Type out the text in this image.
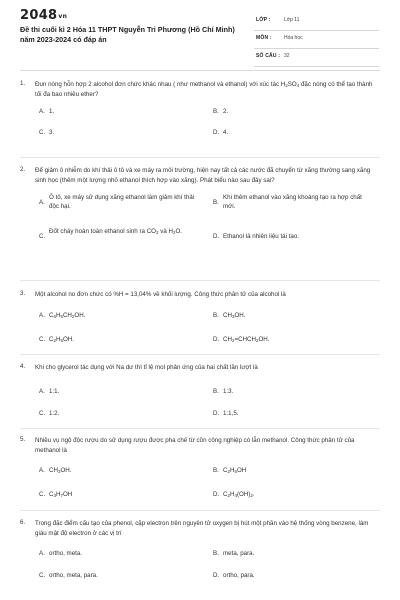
2048vn
Đề thi cuối kì 2 Hóa 11 THPT Nguyễn Tri Phương (Hồ Chí Minh) năm 2023-2024 có đáp án
LỚP :	Lớp 11
MÔN : Hóa học
SỐ CÂU : 32
1.	Đun nóng hỗn hợp 2 alcohol đơn chức khác nhau ( như methanol và ethanol) với xúc tác $H_2SO_4$ đặc nóng có thể tạo thành tối đa bao nhiêu ether?
A. 1.	B. 2.
C. 3.	D. 4.
2.	Để giảm ô nhiễm do khí thải ô tô và xe máy ra môi trường, hiện nay tất cả các nước đã chuyển từ xăng thường sang xăng sinh học (thêm một lượng nhỏ ethanol thích hợp vào xăng). Phát biểu nào sau đây sai?
A.
Ô tô, xe máy sử dụng xăng ethanol làm giảm khí thải độc hại.
B.
Khi thêm ethanol vào xăng khoáng tạo ra hợp chất mới.
C.
Đốt cháy hoàn toàn ethanol sinh ra $CO_2$ và $H_2O$.
D. Ethanol là nhiên liệu tái tạo.
3.	Một alcohol no đơn chức có %H = 13,04% về khối lượng. Công thức phân tử của alcohol là
A. $C_6H_5CH_2OH$.	B. $CH_3OH$.
C. $C_2H_5OH$.	D. $CH_2=CHCH_2OH$.
4.	Khi cho glycerol tác dụng với Na dư thì tỉ lệ mol phản ứng của hai chất lần lượt là
A. 1:1.	B. 1:3.
C. 1:2.	D. 1:1,5.
5.	Nhiều vụ ngộ độc rượu do sử dụng rượu được pha chế từ cồn công nghiệp có lẫn methanol. Công thức phân tử của methanol là
A. $CH_3OH$.	B. $C_2H_5OH$
C. $C_3H_7OH$	D. $C_2H_4(OH)_2$.
6.	Trong đặc điểm cấu tạo của phenol, cặp electron trên nguyên tử oxygen bị hút một phần vào hệ thống vòng benzene, làm giàu mật độ electron ở các vị trí
A. ortho, meta.	B. meta, para.
C. ortho, meta, para.	D. ortho, para.
